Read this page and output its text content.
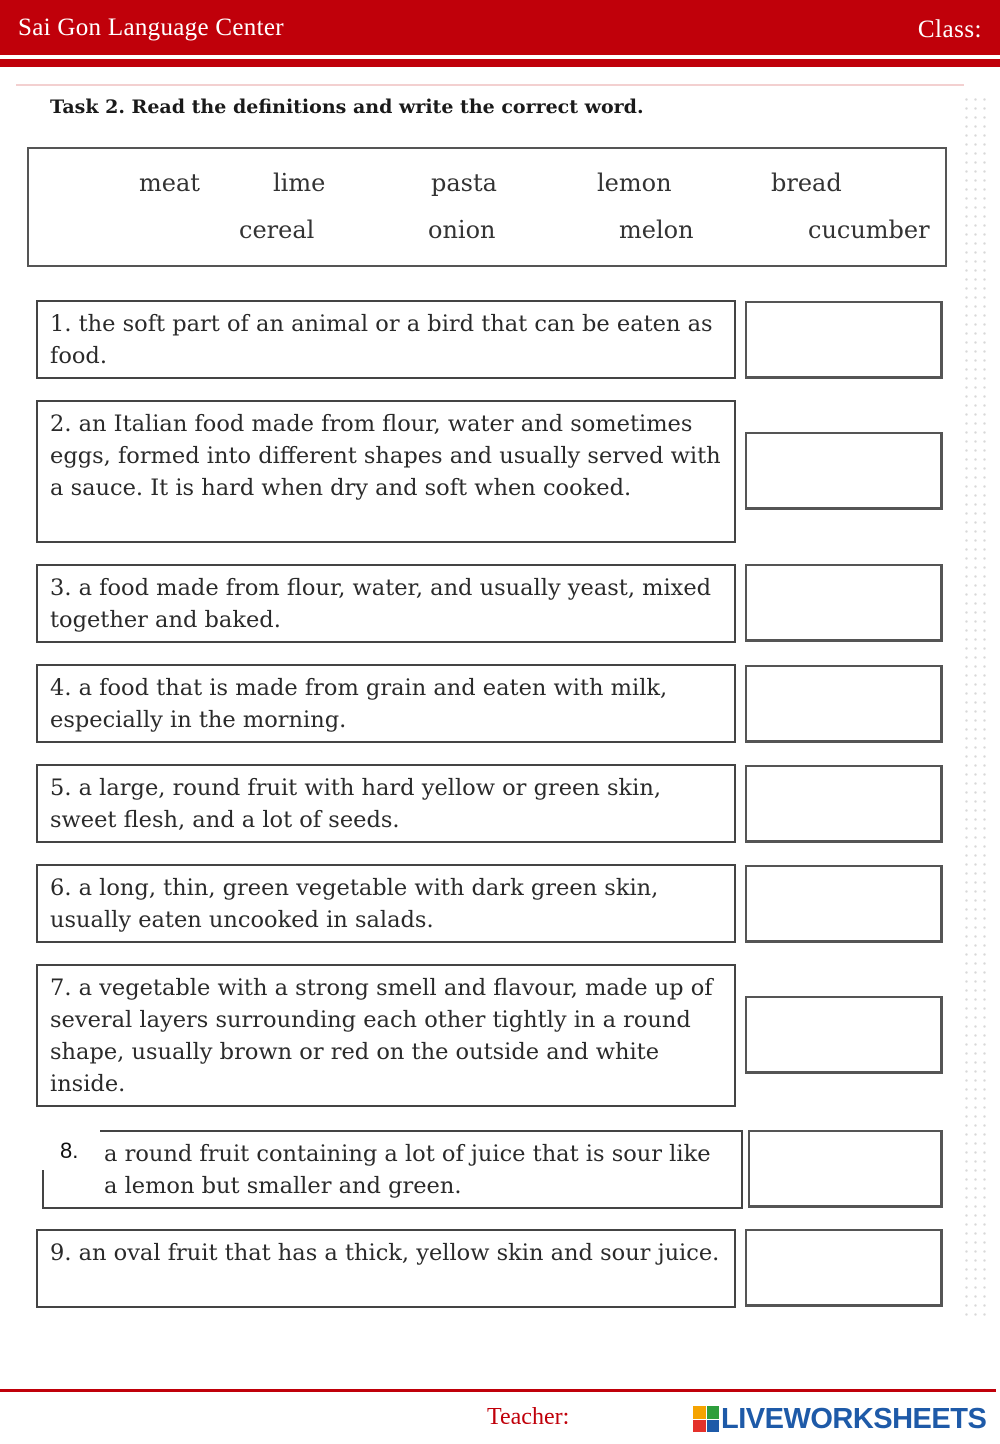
Sai Gon Language Center	Class:
Task 2. Read the definitions and write the correct word.
meat	lime	pasta	lemon	bread
cereal	onion	melon	cucumber
1. the soft part of an animal or a bird that can be eaten as food.
2. an Italian food made from flour, water and sometimes eggs, formed into different shapes and usually served with a sauce. It is hard when dry and soft when cooked.
3. a food made from flour, water, and usually yeast, mixed together and baked.
4. a food that is made from grain and eaten with milk, especially in the morning.
5. a large, round fruit with hard yellow or green skin, sweet flesh, and a lot of seeds.
6. a long, thin, green vegetable with dark green skin, usually eaten uncooked in salads.
7. a vegetable with a strong smell and flavour, made up of several layers surrounding each other tightly in a round shape, usually brown or red on the outside and white inside.
a round fruit containing a lot of juice that is sour like a lemon but smaller and green.
8.
9. an oval fruit that has a thick, yellow skin and sour juice.
Teacher:	LIVEWORKSHEETS
